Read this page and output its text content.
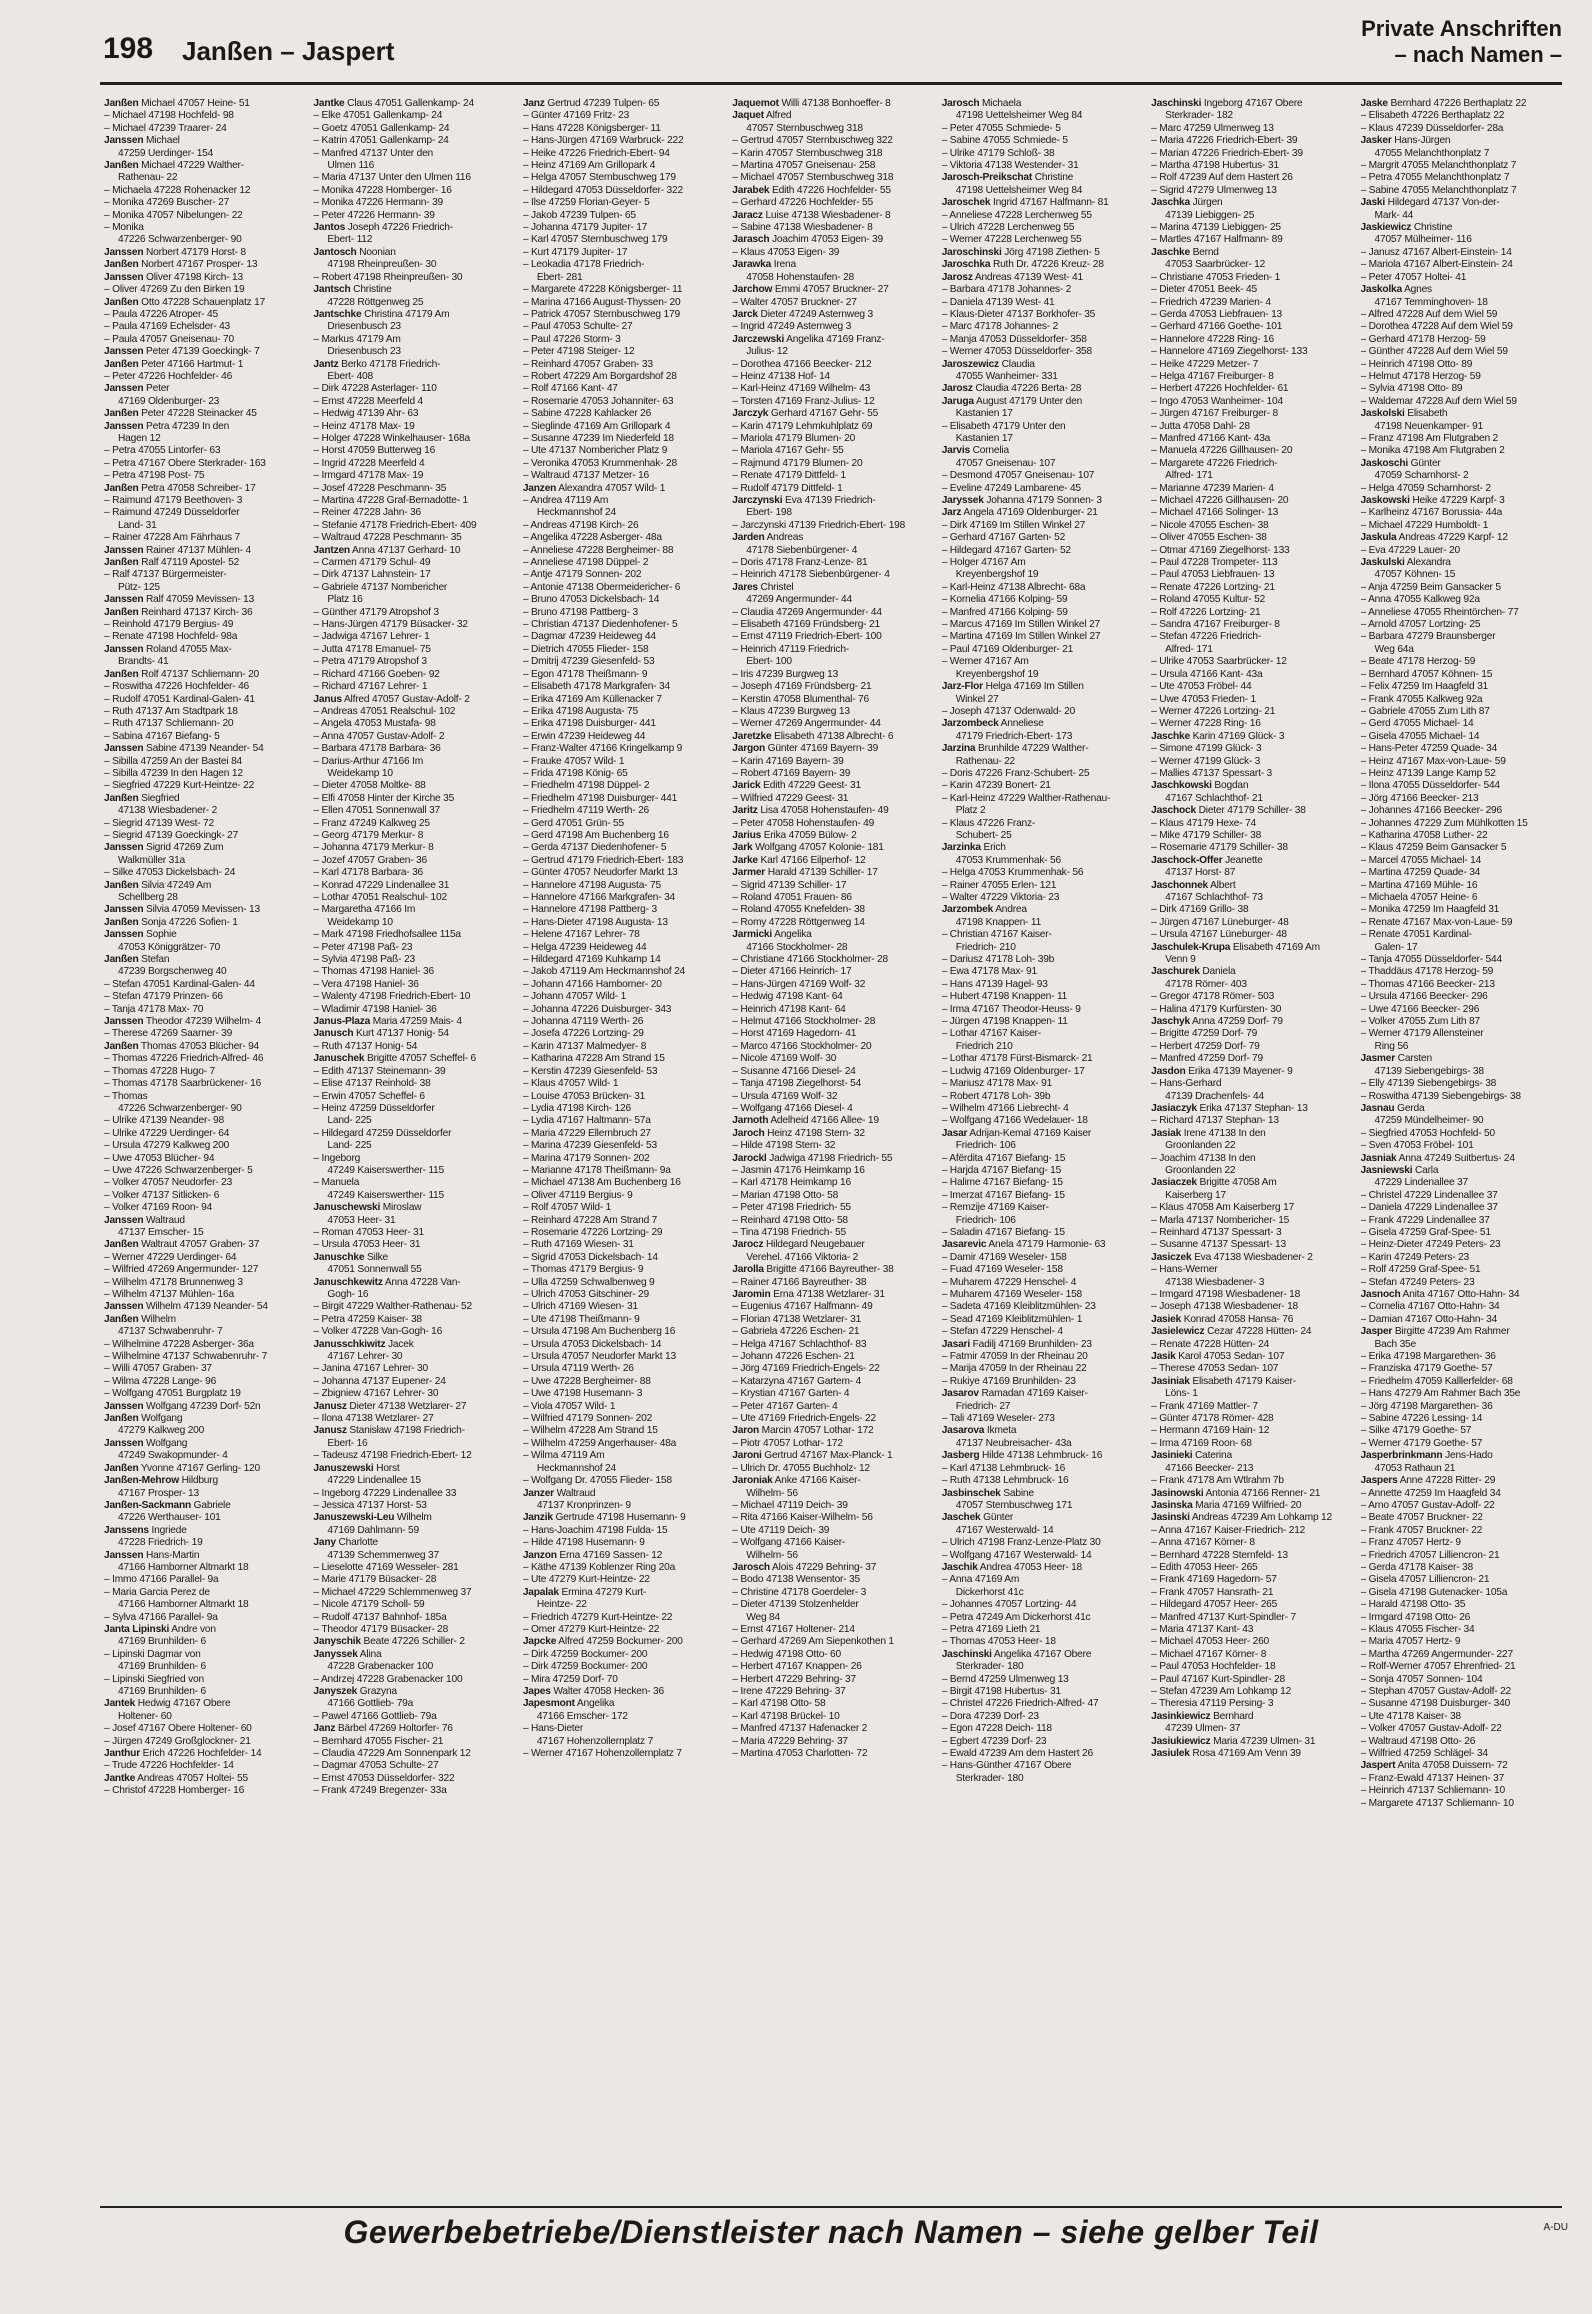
198 Janßen – Jaspert
Private Anschriften
– nach Namen –
Janßen Michael 47057 Heine- 51
– Michael 47198 Hochfeld- 98
– Michael 47239 Traarer- 24
Janssen Michael
47259 Uerdinger- 154
Janßen Michael 47229 Walther-
Rathenau- 22
– Michaela 47228 Rohenacker 12
– Monika 47269 Buscher- 27
– Monika 47057 Nibelungen- 22
– Monika
47226 Schwarzenberger- 90
Janssen Norbert 47179 Horst- 8
Janßen Norbert 47167 Prosper- 13
Janssen Oliver 47198 Kirch- 13
– Oliver 47269 Zu den Birken 19
Janßen Otto 47228 Schauenplatz 17
– Paula 47226 Atroper- 45
– Paula 47169 Echelsder- 43
– Paula 47057 Gneisenau- 70
Janssen Peter 47139 Goeckingk- 7
Janßen Peter 47166 Hartmut- 1
– Peter 47226 Hochfelder- 46
Janssen Peter
47169 Oldenburger- 23
Janßen Peter 47228 Steinacker 45
Janssen Petra 47239 In den
Hagen 12
– Petra 47055 Lintorfer- 63
– Petra 47167 Obere Sterkrader- 163
– Petra 47198 Post- 75
Janßen Petra 47058 Schreiber- 17
– Raimund 47179 Beethoven- 3
– Raimund 47249 Düsseldorfer
Land- 31
– Rainer 47228 Am Fährhaus 7
Janssen Rainer 47137 Mühlen- 4
Janßen Ralf 47119 Apostel- 52
– Ralf 47137 Bürgermeister-
Pütz- 125
Janssen Ralf 47059 Mevissen- 13
Janßen Reinhard 47137 Kirch- 36
– Reinhold 47179 Bergius- 49
– Renate 47198 Hochfeld- 98a
Janssen Roland 47055 Max-
Brandts- 41
Janßen Rolf 47137 Schliemann- 20
– Roswitha 47226 Hochfelder- 46
– Rudolf 47051 Kardinal-Galen- 41
– Ruth 47137 Am Stadtpark 18
– Ruth 47137 Schliemann- 20
– Sabina 47167 Biefang- 5
Janssen Sabine 47139 Neander- 54
– Sibilla 47259 An der Bastei 84
– Sibilla 47239 In den Hagen 12
– Siegfried 47229 Kurt-Heintze- 22
Janßen Siegfried
47138 Wiesbadener- 2
– Siegrid 47139 West- 72
– Siegrid 47139 Goeckingk- 27
Janssen Sigrid 47269 Zum
Walkmüller 31a
– Silke 47053 Dickelsbach- 24
Janßen Silvia 47249 Am
Schellberg 28
Janssen Silvia 47059 Mevissen- 13
Janßen Sonja 47226 Sofien- 1
Janssen Sophie
47053 Königgrätzer- 70
Janßen Stefan
47239 Borgschenweg 40
– Stefan 47051 Kardinal-Galen- 44
– Stefan 47179 Prinzen- 66
– Tanja 47178 Max- 70
Janssen Theodor 47239 Wilhelm- 4
– Therese 47269 Saarner- 39
Janßen Thomas 47053 Blücher- 94
– Thomas 47226 Friedrich-Alfred- 46
– Thomas 47228 Hugo- 7
– Thomas 47178 Saarbrückener- 16
– Thomas
47226 Schwarzenberger- 90
– Ulrike 47139 Neander- 98
– Ulrike 47229 Uerdinger- 64
– Ursula 47279 Kalkweg 200
– Uwe 47053 Blücher- 94
– Uwe 47226 Schwarzenberger- 5
– Volker 47057 Neudorfer- 23
– Volker 47137 Sitlicken- 6
– Volker 47169 Roon- 94
Janssen Waltraud
47137 Emscher- 15
Janßen Waltraut 47057 Graben- 37
– Werner 47229 Uerdinger- 64
– Wilfried 47269 Angermunder- 127
– Wilhelm 47178 Brunnenweg 3
– Wilhelm 47137 Mühlen- 16a
Janssen Wilhelm 47139 Neander- 54
Janßen Wilhelm
47137 Schwabenruhr- 7
– Wilhelmine 47228 Asberger- 36a
– Wilhelmine 47137 Schwabenruhr- 7
– Willi 47057 Graben- 37
– Wilma 47228 Lange- 96
– Wolfgang 47051 Burgplatz 19
Janssen Wolfgang 47239 Dorf- 52n
Janßen Wolfgang
47279 Kalkweg 200
Janssen Wolfgang
47249 Swakopmunder- 4
Janßen Yvonne 47167 Gerling- 120
Janßen-Mehrow Hildburg
47167 Prosper- 13
Janßen-Sackmann Gabriele
47226 Werthauser- 101
Janssens Ingriede
47228 Friedrich- 19
Janssen Hans-Martin
47166 Hamborner Altmarkt 18
– Immo 47166 Parallel- 9a
– Maria Garcia Perez de
47166 Hamborner Altmarkt 18
– Sylva 47166 Parallel- 9a
Janta Lipinski Andre von
47169 Brunhilden- 6
– Lipinski Dagmar von
47169 Brunhilden- 6
– Lipinski Siegfried von
47169 Brunhilden- 6
Jantek Hedwig 47167 Obere
Holtener- 60
– Josef 47167 Obere Holtener- 60
– Jürgen 47249 Großglockner- 21
Janthur Erich 47226 Hochfelder- 14
– Trude 47226 Hochfelder- 14
Jantke Andreas 47057 Holtei- 55
– Christof 47228 Homberger- 16
Jantke Claus 47051 Gallenkamp- 24
– Elke 47051 Gallenkamp- 24
– Goetz 47051 Gallenkamp- 24
– Katrin 47051 Gallenkamp- 24
– Manfred 47137 Unter den
Ulmen 116
– Maria 47137 Unter den Ulmen 116
– Monika 47228 Homberger- 16
– Monika 47226 Hermann- 39
– Peter 47226 Hermann- 39
Jantos Joseph 47226 Friedrich-
Ebert- 112
Jantosch Noonian
47198 Rheinpreußen- 30
– Robert 47198 Rheinpreußen- 30
Jantsch Christine
47228 Röttgenweg 25
Jantschke Christina 47179 Am
Driesenbusch 23
– Markus 47179 Am
Driesenbusch 23
Jantz Berko 47178 Friedrich-
Ebert- 408
– Dirk 47228 Asterlager- 110
– Ernst 47228 Meerfeld 4
– Hedwig 47139 Ahr- 63
– Heinz 47178 Max- 19
– Holger 47228 Winkelhauser- 168a
– Horst 47059 Butterweg 16
– Ingrid 47228 Meerfeld 4
– Irmgard 47178 Max- 19
– Josef 47228 Peschmann- 35
– Martina 47228 Graf-Bernadotte- 1
– Reiner 47228 Jahn- 36
– Stefanie 47178 Friedrich-Ebert- 409
– Waltraud 47228 Peschmann- 35
Jantzen Anna 47137 Gerhard- 10
– Carmen 47179 Schul- 49
– Dirk 47137 Lahnstein- 17
– Gabriele 47137 Nombericher
Platz 16
– Günther 47179 Atropshof 3
– Hans-Jürgen 47179 Büsacker- 32
– Jadwiga 47167 Lehrer- 1
– Jutta 47178 Emanuel- 75
– Petra 47179 Atropshof 3
– Richard 47166 Goeben- 92
– Richard 47167 Lehrer- 1
Janus Alfred 47057 Gustav-Adolf- 2
– Andreas 47051 Realschul- 102
– Angela 47053 Mustafa- 98
– Anna 47057 Gustav-Adolf- 2
– Barbara 47178 Barbara- 36
– Darius-Arthur 47166 Im
Weidekamp 10
– Dieter 47058 Moltke- 88
– Elfi 47058 Hinter der Kirche 35
– Ellen 47051 Sonnenwall 37
– Franz 47249 Kalkweg 25
– Georg 47179 Merkur- 8
– Johanna 47179 Merkur- 8
– Jozef 47057 Graben- 36
– Karl 47178 Barbara- 36
– Konrad 47229 Lindenallee 31
– Lothar 47051 Realschul- 102
– Margaretha 47166 Im
Weidekamp 10
– Mark 47198 Friedhofsallee 115a
– Peter 47198 Paß- 23
– Sylvia 47198 Paß- 23
– Thomas 47198 Haniel- 36
– Vera 47198 Haniel- 36
– Walenty 47198 Friedrich-Ebert- 10
– Wladimir 47198 Haniel- 36
Janus-Plaza Maria 47259 Mais- 4
Janusch Kurt 47137 Honig- 54
– Ruth 47137 Honig- 54
Januschek Brigitte 47057 Scheffel- 6
– Edith 47137 Steinemann- 39
– Elise 47137 Reinhold- 38
– Erwin 47057 Scheffel- 6
– Heinz 47259 Düsseldorfer
Land- 225
– Hildegard 47259 Düsseldorfer
Land- 225
– Ingeborg
47249 Kaiserswerther- 115
– Manuela
47249 Kaiserswerther- 115
Januschewski Miroslaw
47053 Heer- 31
– Roman 47053 Heer- 31
– Ursula 47053 Heer- 31
Januschke Silke
47051 Sonnenwall 55
Januschkewitz Anna 47228 Van-
Gogh- 16
– Birgit 47229 Walther-Rathenau- 52
– Petra 47259 Kaiser- 38
– Volker 47228 Van-Gogh- 16
Janusschkiwitz Jacek
47167 Lehrer- 30
– Janina 47167 Lehrer- 30
– Johanna 47137 Eupener- 24
– Zbigniew 47167 Lehrer- 30
Janusz Dieter 47138 Wetzlarer- 27
– Ilona 47138 Wetzlarer- 27
Janusz Stanisław 47198 Friedrich-
Ebert- 16
– Tadeusz 47198 Friedrich-Ebert- 12
Januszewski Horst
47229 Lindenallee 15
– Ingeborg 47229 Lindenallee 33
– Jessica 47137 Horst- 53
Januszewski-Leu Wilhelm
47169 Dahlmann- 59
Jany Charlotte
47139 Schemmenweg 37
– Lieselotte 47169 Wesseler- 281
– Marie 47179 Büsacker- 28
– Michael 47229 Schlemmenweg 37
– Nicole 47179 Scholl- 59
– Rudolf 47137 Bahnhof- 185a
– Theodor 47179 Büsacker- 28
Janyschik Beate 47226 Schiller- 2
Janyssek Alina
47228 Grabenacker 100
– Andrzej 47228 Grabenacker 100
Janyszek Grazyna
47166 Gottlieb- 79a
– Pawel 47166 Gottlieb- 79a
Janz Bärbel 47269 Holtorfer- 76
– Bernhard 47055 Fischer- 21
– Claudia 47229 Am Sonnenpark 12
– Dagmar 47053 Schulte- 27
– Ernst 47053 Düsseldorfer- 322
– Frank 47249 Bregenzer- 33a
Janz Gertrud 47239 Tulpen- 65
– Günter 47169 Fritz- 23
– Hans 47228 Königsberger- 11
– Hans-Jürgen 47169 Warbruck- 222
– Heike 47226 Friedrich-Ebert- 94
– Heinz 47169 Am Grillopark 4
– Helga 47057 Sternbuschweg 179
– Hildegard 47053 Düsseldorfer- 322
– Ilse 47259 Florian-Geyer- 5
– Jakob 47239 Tulpen- 65
– Johanna 47179 Jupiter- 17
– Karl 47057 Sternbuschweg 179
– Kurt 47179 Jupiter- 17
– Leokadia 47178 Friedrich-
Ebert- 281
– Margarete 47228 Königsberger- 11
– Marina 47166 August-Thyssen- 20
– Patrick 47057 Sternbuschweg 179
– Paul 47053 Schulte- 27
– Paul 47226 Storm- 3
– Peter 47198 Steiger- 12
– Reinhard 47057 Graben- 33
– Robert 47229 Am Borgardshof 28
– Rolf 47166 Kant- 47
– Rosemarie 47053 Johanniter- 63
– Sabine 47228 Kahlacker 26
– Sieglinde 47169 Am Grillopark 4
– Susanne 47239 Im Niederfeld 18
– Ute 47137 Nombericher Platz 9
– Veronika 47053 Krummenhak- 28
– Waltraud 47137 Metzer- 16
Janzen Alexandra 47057 Wild- 1
– Andrea 47119 Am
Heckmannshof 24
– Andreas 47198 Kirch- 26
– Angelika 47228 Asberger- 48a
– Anneliese 47228 Bergheimer- 88
– Anneliese 47198 Düppel- 2
– Antje 47179 Sonnen- 202
– Antonie 47138 Obermeidericher- 6
– Bruno 47053 Dickelsbach- 14
– Bruno 47198 Pattberg- 3
– Christian 47137 Diedenhofener- 5
– Dagmar 47239 Heideweg 44
– Dietrich 47055 Flieder- 158
– Dmitrij 47239 Giesenfeld- 53
– Egon 47178 Theißmann- 9
– Elisabeth 47178 Markgrafen- 34
– Erika 47169 Am Küllenacker 7
– Erika 47198 Augusta- 75
– Erika 47198 Duisburger- 441
– Erwin 47239 Heideweg 44
– Franz-Walter 47166 Kringelkamp 9
– Frauke 47057 Wild- 1
– Frida 47198 König- 65
– Friedhelm 47198 Düppel- 2
– Friedhelm 47198 Duisburger- 441
– Friedhelm 47119 Werth- 26
– Gerd 47051 Grün- 55
– Gerd 47198 Am Buchenberg 16
– Gerda 47137 Diedenhofener- 5
– Gertrud 47179 Friedrich-Ebert- 183
– Günter 47057 Neudorfer Markt 13
– Hannelore 47198 Augusta- 75
– Hannelore 47166 Markgrafen- 34
– Hannelore 47198 Pattberg- 3
– Hans-Dieter 47198 Augusta- 13
– Helene 47167 Lehrer- 78
– Helga 47239 Heideweg 44
– Hildegard 47169 Kuhkamp 14
– Jakob 47119 Am Heckmannshof 24
– Johann 47166 Hamborner- 20
– Johann 47057 Wild- 1
– Johanna 47226 Duisburger- 343
– Johanna 47119 Werth- 26
– Josefa 47226 Lortzing- 29
– Karin 47137 Malmedyer- 8
– Katharina 47228 Am Strand 15
– Kerstin 47239 Giesenfeld- 53
– Klaus 47057 Wild- 1
– Louise 47053 Brücken- 31
– Lydia 47198 Kirch- 126
– Lydia 47167 Haltmann- 57a
– Maria 47229 Ellernbruch 27
– Marina 47239 Giesenfeld- 53
– Marina 47179 Sonnen- 202
– Marianne 47178 Theißmann- 9a
– Michael 47138 Am Buchenberg 16
– Oliver 47119 Bergius- 9
– Rolf 47057 Wild- 1
– Reinhard 47228 Am Strand 7
– Rosemarie 47226 Lortzing- 29
– Ruth 47169 Wiesen- 31
– Sigrid 47053 Dickelsbach- 14
– Thomas 47179 Bergius- 9
– Ulla 47259 Schwalbenweg 9
– Ulrich 47053 Gitschiner- 29
– Ulrich 47169 Wiesen- 31
– Ute 47198 Theißmann- 9
– Ursula 47198 Am Buchenberg 16
– Ursula 47053 Dickelsbach- 14
– Ursula 47057 Neudorfer Markt 13
– Ursula 47119 Werth- 26
– Uwe 47228 Bergheimer- 88
– Uwe 47198 Husemann- 3
– Viola 47057 Wild- 1
– Wilfried 47179 Sonnen- 202
– Wilhelm 47228 Am Strand 15
– Wilhelm 47259 Angerhauser- 48a
– Wilma 47119 Am
Heckmannshof 24
– Wolfgang Dr. 47055 Flieder- 158
Janzer Waltraud
47137 Kronprinzen- 9
Janzik Gertrude 47198 Husemann- 9
– Hans-Joachim 47198 Fulda- 15
– Hilde 47198 Husemann- 9
Janzon Erna 47169 Sassen- 12
– Käthe 47139 Koblenzer Ring 20a
– Ute 47279 Kurt-Heintze- 22
Japalak Ermina 47279 Kurt-
Heintze- 22
– Friedrich 47279 Kurt-Heintze- 22
– Omer 47279 Kurt-Heintze- 22
Japcke Alfred 47259 Bockumer- 200
– Dirk 47259 Bockumer- 200
– Dirk 47259 Bockumer- 200
– Mira 47259 Dorf- 70
Japes Walter 47058 Hecken- 36
Japesmont Angelika
47166 Emscher- 172
– Hans-Dieter
47167 Hohenzollernplatz 7
– Werner 47167 Hohenzollernplatz 7
Jaquemot Willi 47138 Bonhoeffer- 8
Jaquet Alfred
47057 Sternbuschweg 318
– Gertrud 47057 Sternbuschweg 322
– Karin 47057 Sternbuschweg 318
– Martina 47057 Gneisenau- 258
– Michael 47057 Sternbuschweg 318
Jarabek Edith 47226 Hochfelder- 55
– Gerhard 47226 Hochfelder- 55
Jaracz Luise 47138 Wiesbadener- 8
– Sabine 47138 Wiesbadener- 8
Jarasch Joachim 47053 Eigen- 39
– Klaus 47053 Eigen- 39
Jarawka Irena
47058 Hohenstaufen- 28
Jarchow Emmi 47057 Bruckner- 27
– Walter 47057 Bruckner- 27
Jarck Dieter 47249 Asternweg 3
– Ingrid 47249 Asternweg 3
Jarczewski Angelika 47169 Franz-
Julius- 12
– Dorothea 47166 Beecker- 212
– Heinz 47138 Hof- 14
– Karl-Heinz 47169 Wilhelm- 43
– Torsten 47169 Franz-Julius- 12
Jarczyk Gerhard 47167 Gehr- 55
– Karin 47179 Lehmkuhlplatz 69
– Mariola 47179 Blumen- 20
– Mariola 47167 Gehr- 55
– Rajmund 47179 Blumen- 20
– Renate 47179 Dittfeld- 1
– Rudolf 47179 Dittfeld- 1
Jarczynski Eva 47139 Friedrich-
Ebert- 198
– Jarczynski 47139 Friedrich-Ebert- 198
Jarden Andreas
47178 Siebenbürgener- 4
– Doris 47178 Franz-Lenze- 81
– Heinrich 47178 Siebenbürgener- 4
Jares Christel
47269 Angermunder- 44
– Claudia 47269 Angermunder- 44
– Elisabeth 47169 Fründsberg- 21
– Ernst 47119 Friedrich-Ebert- 100
– Heinrich 47119 Friedrich-
Ebert- 100
– Iris 47239 Burgweg 13
– Joseph 47169 Fründsberg- 21
– Kerstin 47058 Blumenthal- 76
– Klaus 47239 Burgweg 13
– Werner 47269 Angermunder- 44
Jaretzke Elisabeth 47138 Albrecht- 6
Jargon Günter 47169 Bayern- 39
– Karin 47169 Bayern- 39
– Robert 47169 Bayern- 39
Jarick Edith 47229 Geest- 31
– Wilfried 47229 Geest- 31
Jaritz Lisa 47058 Hohenstaufen- 49
– Peter 47058 Hohenstaufen- 49
Jarius Erika 47059 Bülow- 2
Jark Wolfgang 47057 Kolonie- 181
Jarke Karl 47166 Eilperhof- 12
Jarmer Harald 47139 Schiller- 17
– Sigrid 47139 Schiller- 17
– Roland 47051 Frauen- 86
– Roland 47055 Knefelden- 38
– Romy 47228 Röttgenweg 14
Jarmicki Angelika
47166 Stockholmer- 28
– Christiane 47166 Stockholmer- 28
– Dieter 47166 Heinrich- 17
– Hans-Jürgen 47169 Wolf- 32
– Hedwig 47198 Kant- 64
– Heinrich 47198 Kant- 64
– Helmut 47166 Stockholmer- 28
– Horst 47169 Hagedorn- 41
– Marco 47166 Stockholmer- 20
– Nicole 47169 Wolf- 30
– Susanne 47166 Diesel- 24
– Tanja 47198 Ziegelhorst- 54
– Ursula 47169 Wolf- 32
– Wolfgang 47166 Diesel- 4
Jarnoth Adelheid 47166 Allee- 19
Jaroch Heinz 47198 Stern- 32
– Hilde 47198 Stern- 32
Jarockl Jadwiga 47198 Friedrich- 55
– Jasmin 47176 Heimkamp 16
– Karl 47178 Heimkamp 16
– Marian 47198 Otto- 58
– Peter 47198 Friedrich- 55
– Reinhard 47198 Otto- 58
– Tina 47198 Friedrich- 55
Jarocz Hildegard Neugebauer
Verehel. 47166 Viktoria- 2
Jarolla Brigitte 47166 Bayreuther- 38
– Rainer 47166 Bayreuther- 38
Jaromin Erna 47138 Wetzlarer- 31
– Eugenius 47167 Halfmann- 49
– Florian 47138 Wetzlarer- 31
– Gabriela 47226 Eschen- 21
– Helga 47167 Schlachthof- 83
– Johann 47226 Eschen- 21
– Jörg 47169 Friedrich-Engels- 22
– Katarzyna 47167 Gartem- 4
– Krystian 47167 Garten- 4
– Peter 47167 Garten- 4
– Ute 47169 Friedrich-Engels- 22
Jaron Marcin 47057 Lothar- 172
– Piotr 47057 Lothar- 172
Jaroni Gertrud 47167 Max-Planck- 1
– Ulrich Dr. 47055 Buchholz- 12
Jaroniak Anke 47166 Kaiser-
Wilhelm- 56
– Michael 47119 Deich- 39
– Rita 47166 Kaiser-Wilhelm- 56
– Ute 47119 Deich- 39
– Wolfgang 47166 Kaiser-
Wilhelm- 56
Jarosch Alois 47229 Behring- 37
– Bodo 47138 Wensentor- 35
– Christine 47178 Goerdeler- 3
– Dieter 47139 Stolzenhelder
Weg 84
– Ernst 47167 Holtener- 214
– Gerhard 47269 Am Siepenkothen 1
– Hedwig 47198 Otto- 60
– Herbert 47167 Knappen- 26
– Herbert 47229 Behring- 37
– Irene 47229 Behring- 37
– Karl 47198 Otto- 58
– Karl 47198 Brückel- 10
– Manfred 47137 Hafenacker 2
– Maria 47229 Behring- 37
– Martina 47053 Charlotten- 72
Jarosch Michaela
47198 Uettelsheimer Weg 84
– Peter 47055 Schmiede- 5
– Sabine 47055 Schmiede- 5
– Ulrike 47179 Schloß- 38
– Viktoria 47138 Westender- 31
Jarosch-Preikschat Christine
47198 Uettelsheimer Weg 84
Jaroschek Ingrid 47167 Halfmann- 81
– Anneliese 47228 Lerchenweg 55
– Ulrich 47228 Lerchenweg 55
– Werner 47228 Lerchenweg 55
Jaroschinski Jörg 47198 Ziethen- 5
Jaroschka Ruth Dr. 47226 Kreuz- 28
Jarosz Andreas 47139 West- 41
– Barbara 47178 Johannes- 2
– Daniela 47139 West- 41
– Klaus-Dieter 47137 Borkhofer- 35
– Marc 47178 Johannes- 2
– Manja 47053 Düsseldorfer- 358
– Werner 47053 Düsseldorfer- 358
Jaroszewicz Claudia
47055 Wanheimer- 331
Jarosz Claudia 47226 Berta- 28
Jaruga August 47179 Unter den
Kastanien 17
– Elisabeth 47179 Unter den
Kastanien 17
Jarvis Cornelia
47057 Gneisenau- 107
– Desmond 47057 Gneisenau- 107
– Eveline 47249 Lambarene- 45
Jaryssek Johanna 47179 Sonnen- 3
Jarz Angela 47169 Oldenburger- 21
– Dirk 47169 Im Stillen Winkel 27
– Gerhard 47167 Garten- 52
– Hildegard 47167 Garten- 52
– Holger 47167 Am
Kreyenbergshof 19
– Karl-Heinz 47138 Albrecht- 68a
– Kornelia 47166 Kolping- 59
– Manfred 47166 Kolping- 59
– Marcus 47169 Im Stillen Winkel 27
– Martina 47169 Im Stillen Winkel 27
– Paul 47169 Oldenburger- 21
– Werner 47167 Am
Kreyenbergshof 19
Jarz-Flor Helga 47169 Im Stillen
Winkel 27
– Joseph 47137 Odenwald- 20
Jarzombeck Anneliese
47179 Friedrich-Ebert- 173
Jarzina Brunhilde 47229 Walther-
Rathenau- 22
– Doris 47226 Franz-Schubert- 25
– Karin 47239 Bonert- 21
– Karl-Heinz 47229 Walther-Rathenau-
Platz 2
– Klaus 47226 Franz-
Schubert- 25
Jarzinka Erich
47053 Krummenhak- 56
– Helga 47053 Krummenhak- 56
– Rainer 47055 Erlen- 121
– Walter 47229 Viktoria- 23
Jarzombek Andrea
47198 Knappen- 11
– Christian 47167 Kaiser-
Friedrich- 210
– Dariusz 47178 Loh- 39b
– Ewa 47178 Max- 91
– Hans 47139 Hagel- 93
– Hubert 47198 Knappen- 11
– Irma 47167 Theodor-Heuss- 9
– Jürgen 47198 Knappen- 11
– Lothar 47167 Kaiser-
Friedrich 210
– Lothar 47178 Fürst-Bismarck- 21
– Ludwig 47169 Oldenburger- 17
– Mariusz 47178 Max- 91
– Robert 47178 Loh- 39b
– Wilhelm 47166 Liebrecht- 4
– Wolfgang 47166 Wedelauer- 18
Jasar Adrijan-Kemal 47169 Kaiser
Friedrich- 106
– Afërdita 47167 Biefang- 15
– Harjda 47167 Biefang- 15
– Halime 47167 Biefang- 15
– Imerzat 47167 Biefang- 15
– Remzije 47169 Kaiser-
Friedrich- 106
– Saladin 47167 Biefang- 15
Jasarevic Anela 47179 Harmonie- 63
– Damir 47169 Weseler- 158
– Fuad 47169 Weseler- 158
– Muharem 47229 Henschel- 4
– Muharem 47169 Weseler- 158
– Sadeta 47169 Kleiblitzmühlen- 23
– Sead 47169 Kleiblitzmühlen- 1
– Stefan 47229 Henschel- 4
Jasari Fadilj 47169 Brunhilden- 23
– Fatmir 47059 In der Rheinau 20
– Marija 47059 In der Rheinau 22
– Rukiye 47169 Brunhilden- 23
Jasarov Ramadan 47169 Kaiser-
Friedrich- 27
– Tali 47169 Weseler- 273
Jasarova Ikmeta
47137 Neubreisacher- 43a
Jasberg Hilde 47138 Lehmbruck- 16
– Karl 47138 Lehmbruck- 16
– Ruth 47138 Lehmbruck- 16
Jasbinschek Sabine
47057 Sternbuschweg 171
Jaschek Günter
47167 Westerwald- 14
– Ulrich 47198 Franz-Lenze-Platz 30
– Wolfgang 47167 Westerwald- 14
Jaschik Andrea 47053 Heer- 18
– Anna 47169 Am
Dickerhorst 41c
– Johannes 47057 Lortzing- 44
– Petra 47249 Am Dickerhorst 41c
– Petra 47169 Lieth 21
– Thomas 47053 Heer- 18
Jaschinski Angelika 47167 Obere
Sterkrader- 180
– Bernd 47259 Ulmenweg 13
– Birgit 47198 Hubertus- 31
– Christel 47226 Friedrich-Alfred- 47
– Dora 47239 Dorf- 23
– Egon 47228 Deich- 118
– Egbert 47239 Dorf- 23
– Ewald 47239 Am dem Hastert 26
– Hans-Günther 47167 Obere
Sterkrader- 180
Jaschinski Ingeborg 47167 Obere
Sterkrader- 182
– Marc 47259 Ulmenweg 13
– Maria 47226 Friedrich-Ebert- 39
– Marian 47226 Friedrich-Ebert- 39
– Martha 47198 Hubertus- 31
– Rolf 47239 Auf dem Hastert 26
– Sigrid 47279 Ulmenweg 13
Jaschka Jürgen
47139 Liebiggen- 25
– Marina 47139 Liebiggen- 25
– Martles 47167 Halfmann- 89
Jaschke Bernd
47053 Saarbrücker- 12
– Christiane 47053 Frieden- 1
– Dieter 47051 Beek- 45
– Friedrich 47239 Marien- 4
– Gerda 47053 Liebfrauen- 13
– Gerhard 47166 Goethe- 101
– Hannelore 47228 Ring- 16
– Hannelore 47169 Ziegelhorst- 133
– Heike 47229 Metzer- 7
– Helga 47167 Freiburger- 8
– Herbert 47226 Hochfelder- 61
– Ingo 47053 Wanheimer- 104
– Jürgen 47167 Freiburger- 8
– Jutta 47058 Dahl- 28
– Manfred 47166 Kant- 43a
– Manuela 47226 Gillhausen- 20
– Margarete 47226 Friedrich-
Alfred- 171
– Marianne 47239 Marien- 4
– Michael 47226 Gillhausen- 20
– Michael 47166 Solinger- 13
– Nicole 47055 Eschen- 38
– Oliver 47055 Eschen- 38
– Otmar 47169 Ziegelhorst- 133
– Paul 47228 Trompeter- 113
– Paul 47053 Liebfrauen- 13
– Renate 47226 Lortzing- 21
– Roland 47055 Kultur- 52
– Rolf 47226 Lortzing- 21
– Sandra 47167 Freiburger- 8
– Stefan 47226 Friedrich-
Alfred- 171
– Ulrike 47053 Saarbrücker- 12
– Ursula 47166 Kant- 43a
– Ute 47053 Fröbel- 44
– Uwe 47053 Frieden- 1
– Werner 47226 Lortzing- 21
– Werner 47228 Ring- 16
Jaschke Karin 47169 Glück- 3
– Simone 47199 Glück- 3
– Werner 47199 Glück- 3
– Mallies 47137 Spessart- 3
Jaschkowski Bogdan
47167 Schlachthof- 21
Jaschock Dieter 47179 Schiller- 38
– Klaus 47179 Hexe- 74
– Mike 47179 Schiller- 38
– Rosemarie 47179 Schiller- 38
Jaschock-Offer Jeanette
47137 Horst- 87
Jaschonnek Albert
47167 Schlachthof- 73
– Dirk 47169 Grillo- 38
– Jürgen 47167 Lüneburger- 48
– Ursula 47167 Lüneburger- 48
Jaschulek-Krupa Elisabeth 47169 Am
Venn 9
Jaschurek Daniela
47178 Römer- 403
– Gregor 47178 Römer- 503
– Halina 47179 Kurfürsten- 30
Jaschyk Anna 47259 Dorf- 79
– Brigitte 47259 Dorf- 79
– Herbert 47259 Dorf- 79
– Manfred 47259 Dorf- 79
Jasdon Erika 47139 Mayener- 9
– Hans-Gerhard
47139 Drachenfels- 44
Jasiaczyk Erika 47137 Stephan- 13
– Richard 47137 Stephan- 13
Jasiak Irene 47138 In den
Groonlanden 22
– Joachim 47138 In den
Groonlanden 22
Jasiaczek Brigitte 47058 Am
Kaiserberg 17
– Klaus 47058 Am Kaiserberg 17
– Marla 47137 Nombericher- 15
– Reinhard 47137 Spessart- 3
– Susanne 47137 Spessart- 13
Jasiczek Eva 47138 Wiesbadener- 2
– Hans-Werner
47138 Wiesbadener- 3
– Irmgard 47198 Wiesbadener- 18
– Joseph 47138 Wiesbadener- 18
Jasiek Konrad 47058 Hansa- 76
Jasielewicz Cezar 47228 Hütten- 24
– Renate 47228 Hütten- 24
Jasik Karol 47053 Sedan- 107
– Therese 47053 Sedan- 107
Jasiniak Elisabeth 47179 Kaiser-
Löns- 1
– Frank 47169 Mattler- 7
– Günter 47178 Römer- 428
– Hermann 47169 Hain- 12
– Irma 47169 Roon- 68
Jasinieki Caterina
47166 Beecker- 213
– Frank 47178 Am Wtlrahm 7b
Jasinowski Antonia 47166 Renner- 21
Jasinska Maria 47169 Wilfried- 20
Jasinski Andreas 47239 Am Lohkamp 12
– Anna 47167 Kaiser-Friedrich- 212
– Anna 47167 Körner- 8
– Bernhard 47228 Sternfeld- 13
– Edith 47053 Heer- 265
– Frank 47169 Hagedorn- 57
– Frank 47057 Hansrath- 21
– Hildegard 47057 Heer- 265
– Manfred 47137 Kurt-Spindler- 7
– Maria 47137 Kant- 43
– Michael 47053 Heer- 260
– Michael 47167 Körner- 8
– Paul 47053 Hochfelder- 18
– Paul 47167 Kurt-Spindler- 28
– Stefan 47239 Am Lohkamp 12
– Theresia 47119 Persing- 3
Jasinkiewicz Bernhard
47239 Ulmen- 37
Jasiukiewicz Maria 47239 Ulmen- 31
Jasiulek Rosa 47169 Am Venn 39
Jaske Bernhard 47226 Berthaplatz 22
– Elisabeth 47226 Berthaplatz 22
– Klaus 47239 Düsseldorfer- 28a
Jasker Hans-Jürgen
47055 Melanchthonplatz 7
– Margrit 47055 Melanchthonplatz 7
– Petra 47055 Melanchthonplatz 7
– Sabine 47055 Melanchthonplatz 7
Jaski Hildegard 47137 Von-der-
Mark- 44
Jaskiewicz Christine
47057 Mülheimer- 116
– Janusz 47167 Albert-Einstein- 14
– Mariola 47167 Albert-Einstein- 24
– Peter 47057 Holtei- 41
Jaskolka Agnes
47167 Temminghoven- 18
– Alfred 47228 Auf dem Wiel 59
– Dorothea 47228 Auf dem Wiel 59
– Gerhard 47178 Herzog- 59
– Günther 47228 Auf dem Wiel 59
– Heinrich 47198 Otto- 89
– Helmut 47178 Herzog- 59
– Sylvia 47198 Otto- 89
– Waldemar 47228 Auf dem Wiel 59
Jaskolski Elisabeth
47198 Neuenkamper- 91
– Franz 47198 Am Flutgraben 2
– Monika 47198 Am Flutgraben 2
Jaskoschi Günter
47059 Scharnhorst- 2
– Helga 47059 Scharnhorst- 2
Jaskowski Heike 47229 Karpf- 3
– Karlheinz 47167 Borussia- 44a
– Michael 47229 Humboldt- 1
Jaskula Andreas 47229 Karpf- 12
– Eva 47229 Lauer- 20
Jaskulski Alexandra
47057 Köhnen- 15
– Anja 47259 Beim Gansacker 5
– Anna 47055 Kalkweg 92a
– Anneliese 47055 Rheintörchen- 77
– Arnold 47057 Lortzing- 25
– Barbara 47279 Braunsberger
Weg 64a
– Beate 47178 Herzog- 59
– Bernhard 47057 Köhnen- 15
– Felix 47259 Im Haagfeld 31
– Frank 47055 Kalkweg 92a
– Gabriele 47055 Zum Lith 87
– Gerd 47055 Michael- 14
– Gisela 47055 Michael- 14
– Hans-Peter 47259 Quade- 34
– Heinz 47167 Max-von-Laue- 59
– Heinz 47139 Lange Kamp 52
– Ilona 47055 Düsseldorfer- 544
– Jörg 47166 Beecker- 213
– Johannes 47166 Beecker- 296
– Johannes 47229 Zum Mühlkotten 15
– Katharina 47058 Luther- 22
– Klaus 47259 Beim Gansacker 5
– Marcel 47055 Michael- 14
– Martina 47259 Quade- 34
– Martina 47169 Mühle- 16
– Michaela 47057 Heine- 6
– Monika 47259 Im Haagfeld 31
– Renate 47167 Max-von-Laue- 59
– Renate 47051 Kardinal-
Galen- 17
– Tanja 47055 Düsseldorfer- 544
– Thaddäus 47178 Herzog- 59
– Thomas 47166 Beecker- 213
– Ursula 47166 Beecker- 296
– Uwe 47166 Beecker- 296
– Volker 47055 Zum Lith 87
– Werner 47179 Allensteiner
Ring 56
Jasmer Carsten
47139 Siebengebirgs- 38
– Elly 47139 Siebengebirgs- 38
– Roswitha 47139 Siebengebirgs- 38
Jasnau Gerda
47259 Mündelheimer- 90
– Siegfried 47053 Hochfeld- 50
– Sven 47053 Fröbel- 101
Jasniak Anna 47249 Suitbertus- 24
Jasniewski Carla
47229 Lindenallee 37
– Christel 47229 Lindenallee 37
– Daniela 47229 Lindenallee 37
– Frank 47229 Lindenallee 37
– Gisela 47259 Graf-Spee- 51
– Heinz-Dieter 47249 Peters- 23
– Karin 47249 Peters- 23
– Rolf 47259 Graf-Spee- 51
– Stefan 47249 Peters- 23
Jasnoch Anita 47167 Otto-Hahn- 34
– Cornelia 47167 Otto-Hahn- 34
– Damian 47167 Otto-Hahn- 34
Jasper Birgitte 47239 Am Rahmer
Bach 35e
– Erika 47198 Margarethen- 36
– Franziska 47179 Goethe- 57
– Friedhelm 47059 Kalllerfelder- 68
– Hans 47279 Am Rahmer Bach 35e
– Jörg 47198 Margarethen- 36
– Sabine 47226 Lessing- 14
– Silke 47179 Goethe- 57
– Werner 47179 Goethe- 57
Jasperbrinkmann Jens-Hado
47053 Rathaun 21
Jaspers Anne 47228 Ritter- 29
– Annette 47259 Im Haagfeld 34
– Arno 47057 Gustav-Adolf- 22
– Beate 47057 Bruckner- 22
– Frank 47057 Bruckner- 22
– Franz 47057 Hertz- 9
– Friedrich 47057 Lilliencron- 21
– Gerda 47178 Kaiser- 38
– Gisela 47057 Lilliencron- 21
– Gisela 47198 Gutenacker- 105a
– Harald 47198 Otto- 35
– Irmgard 47198 Otto- 26
– Klaus 47055 Fischer- 34
– Maria 47057 Hertz- 9
– Martha 47269 Angermunder- 227
– Rolf-Werner 47057 Ehrenfried- 21
– Sonja 47057 Sonnen- 104
– Stephan 47057 Gustav-Adolf- 22
– Susanne 47198 Duisburger- 340
– Ute 47178 Kaiser- 38
– Volker 47057 Gustav-Adolf- 22
– Waltraud 47198 Otto- 26
– Wilfried 47259 Schlägel- 34
Jaspert Anita 47058 Duissern- 72
– Franz-Ewald 47137 Heinen- 37
– Heinrich 47137 Schliemann- 10
– Margarete 47137 Schliemann- 10
Gewerbebetriebe/Dienstleister nach Namen – siehe gelber Teil	A-DU
